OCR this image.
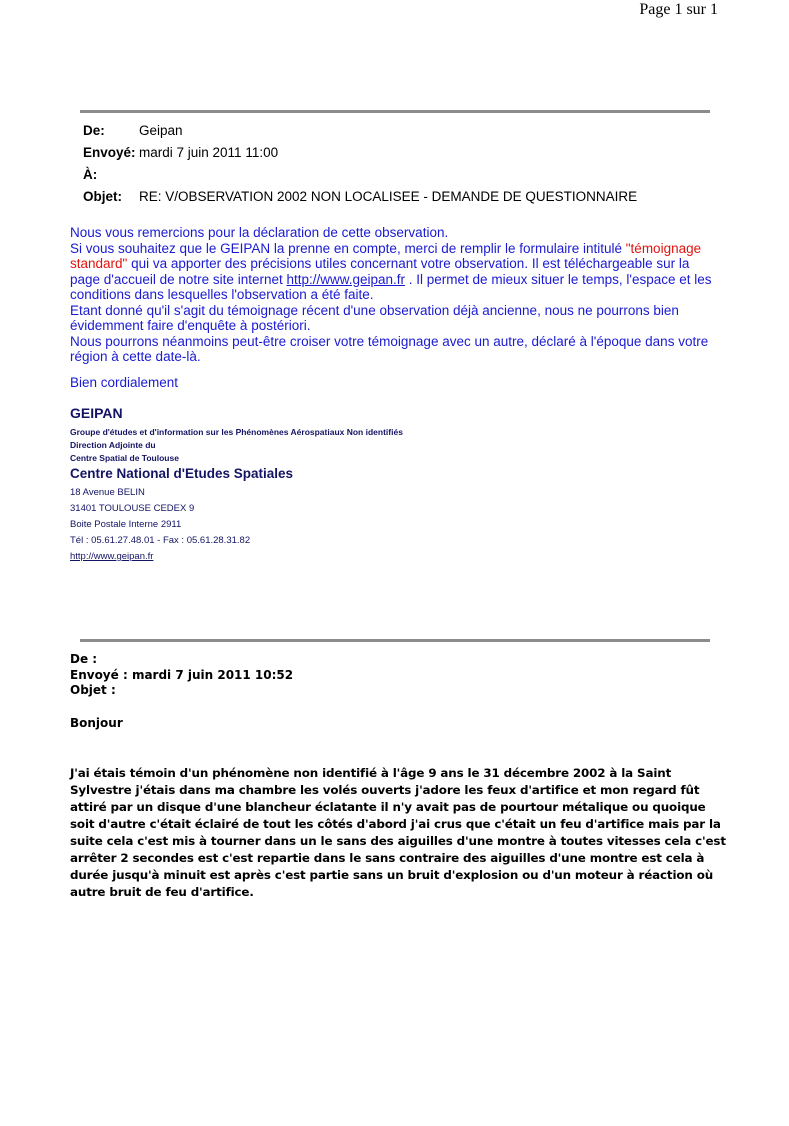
Page 1 sur 1
De:	Geipan
Envoyé: mardi 7 juin 2011 11:00
À:
Objet: RE: V/OBSERVATION 2002 NON LOCALISEE - DEMANDE DE QUESTIONNAIRE

Nous vous remercions pour la déclaration de cette observation.

Si vous souhaitez que le GEIPAN la prenne en compte, merci de remplir le formulaire intitulé "témoignage standard" qui va apporter des précisions utiles concernant votre observation. Il est téléchargeable sur la page d'accueil de notre site internet http://www.geipan.fr . Il permet de mieux situer le temps, l'espace et les conditions dans lesquelles l'observation a été faite.

Etant donné qu'il s'agit du témoignage récent d'une observation déjà ancienne, nous ne pourrons bien évidemment faire d'enquête à postériori.

Nous pourrons néanmoins peut-être croiser votre témoignage avec un autre, déclaré à l'époque dans votre région à cette date-là.

Bien cordialement
GEIPAN
Groupe d'études et d'information sur les Phénomènes Aérospatiaux Non identifiés
Direction Adjointe du
Centre Spatial de Toulouse
Centre National d'Etudes Spatiales
18 Avenue BELIN
31401 TOULOUSE CEDEX 9
Boite Postale Interne 2911
Tél : 05.61.27.48.01 - Fax : 05.61.28.31.82
http://www.geipan.fr
De :
Envoyé : mardi 7 juin 2011 10:52
Objet :
Bonjour
J'ai étais témoin d'un phénomène non identifié à l'âge 9 ans le 31 décembre 2002 à la Saint Sylvestre j'étais dans ma chambre les volés ouverts j'adore les feux d'artifice et mon regard fût attiré par un disque d'une blancheur éclatante il n'y avait pas de pourtour métalique ou quoique soit d'autre c'était éclairé de tout les côtés d'abord j'ai crus que c'était un feu d'artifice mais par la suite cela c'est mis à tourner dans un le sans des aiguilles d'une montre à toutes vitesses cela c'est arrêter 2 secondes est c'est repartie dans le sans contraire des aiguilles d'une montre est cela à durée jusqu'à minuit est après c'est partie sans un bruit d'explosion ou d'un moteur à réaction où autre bruit de feu d'artifice.
